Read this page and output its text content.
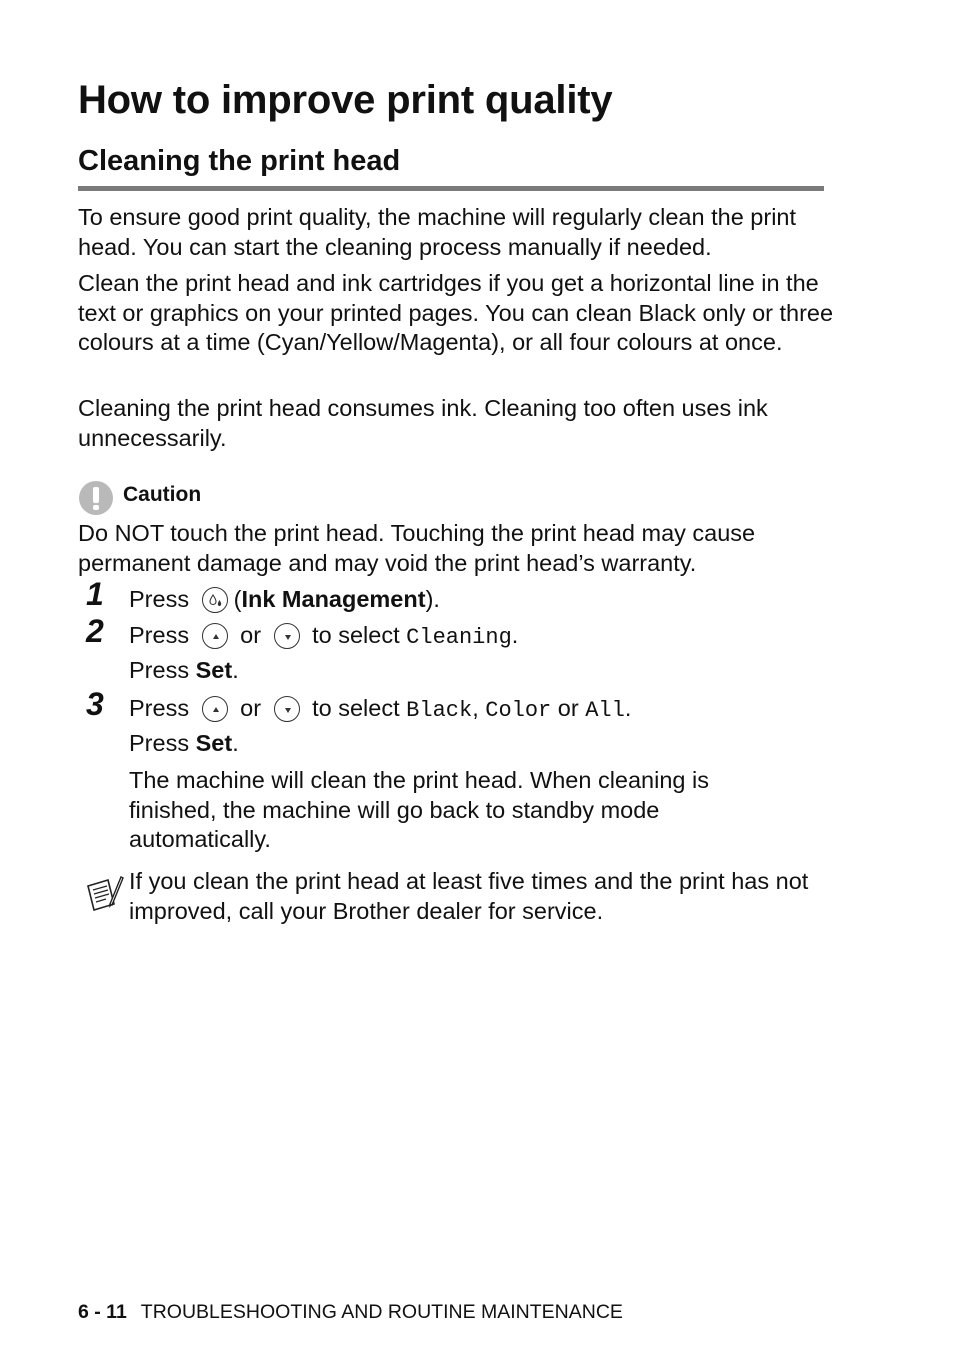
How to improve print quality
Cleaning the print head

To ensure good print quality, the machine will regularly clean the print head. You can start the cleaning process manually if needed.

Clean the print head and ink cartridges if you get a horizontal line in the text or graphics on your printed pages. You can clean Black only or three colours at a time (Cyan/Yellow/Magenta), or all four colours at once.

Cleaning the print head consumes ink. Cleaning too often uses ink unnecessarily.

Caution

Do NOT touch the print head. Touching the print head may cause permanent damage and may void the print head’s warranty.

1 Press (Ink Management).

2 Press or to select Cleaning.

Press Set.

3 Press or to select Black, Color or All.

Press Set.

The machine will clean the print head. When cleaning is finished, the machine will go back to standby mode automatically.

If you clean the print head at least five times and the print has not improved, call your Brother dealer for service.

6 - 11 TROUBLESHOOTING AND ROUTINE MAINTENANCE
